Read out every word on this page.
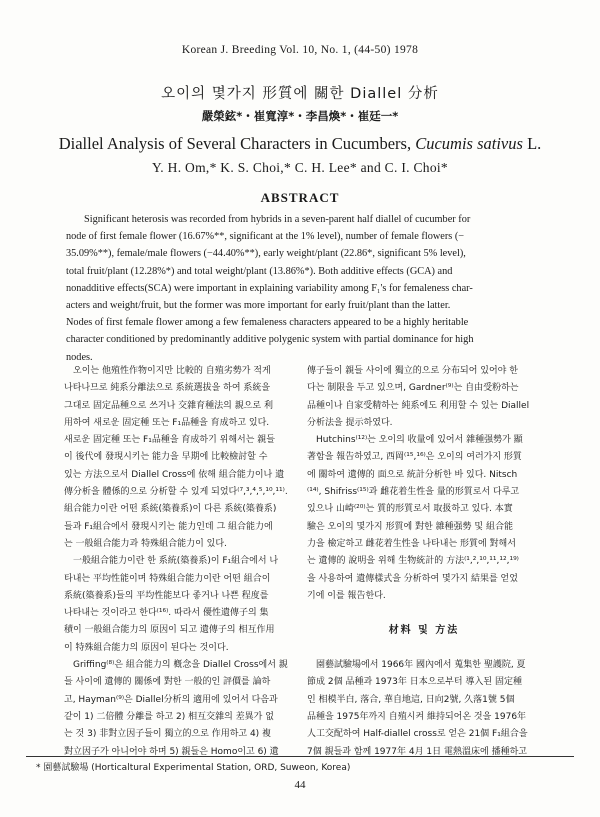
Korean J. Breeding Vol. 10, No. 1, (44-50) 1978
오이의 몇가지 形質에 關한 Diallel 分析
嚴榮鉉*・崔寬淳*・李昌煥*・崔廷一*
Diallel Analysis of Several Characters in Cucumbers, Cucumis sativus L.
Y. H. Om,* K. S. Choi,* C. H. Lee* and C. I. Choi*
ABSTRACT
Significant heterosis was recorded from hybrids in a seven-parent half diallel of cucumber for
node of first female flower (16.67%**, significant at the 1% level), number of female flowers (−
35.09%**), female/male flowers (−44.40%**), early weight/plant (22.86*, significant 5% level),
total fruit/plant (12.28%*) and total weight/plant (13.86%*). Both additive effects (GCA) and
nonadditive effects(SCA) were important in explaining variability among F₁'s for femaleness char-
acters and weight/fruit, but the former was more important for early fruit/plant than the latter.
Nodes of first female flower among a few femaleness characters appeared to be a highly heritable
character conditioned by predominantly additive polygenic system with partial dominance for high
nodes.
오이는 他殖性作物이지만 比較的 自殖劣勢가 적게
나타나므로 純系分離法으로 系統選拔을 하여 系統을
그대로 固定品種으로 쓰거나 交雜育種法의 親으로 利
用하여 새로운 固定種 또는 F₁品種을 育成하고 있다.
새로운 固定種 또는 F₁品種을 育成하기 위해서는 親들
이 後代에 發現시키는 能力을 早期에 比較檢討할 수
있는 方法으로서 Diallel Cross에 依해 組合能力이나 遺
傳分析을 體係的으로 分析할 수 있게 되었다⁽⁷,³,⁴,⁵,¹⁰,¹¹⁾.
組合能力이란 어떤 系統(築養系)이 다른 系統(築養系)
들과 F₁組合에서 發現시키는 能力인데 그 組合能力에
는 一般組合能力과 特殊組合能力이 있다.
一般組合能力이란 한 系統(築養系)이 F₁組合에서 나
타내는 平均性能이며 特殊組合能力이란 어떤 組合이
系統(築養系)들의 平均性能보다 좋거나 나쁜 程度를
나타내는 것이라고 한다⁽¹⁶⁾. 따라서 優性遺傳子의 集
積이 一般組合能力의 原因이 되고 遺傳子의 相互作用
이 特殊組合能力의 原因이 된다는 것이다.
Griffing⁽⁸⁾은 組合能力의 槪念을 Diallel Cross에서 親
들 사이에 遺傳的 關係에 對한 一般的인 評價를 論하
고, Hayman⁽⁹⁾은 Diallel分析의 適用에 있어서 다음과
같이 1) 二倍體 分離를 하고 2) 相互交雜의 差異가 없
는 것 3) 非對立因子들이 獨立的으로 作用하고 4) 複
對立因子가 아니어야 하며 5) 親들은 Homo이고 6) 遺
傳子들이 親들 사이에 獨立的으로 分布되어 있어야 한
다는 制限을 두고 있으며, Gardner⁽⁹⁾는 自由受粉하는
品種이나 自家受精하는 純系에도 利用할 수 있는 Diallel
分析法을 提示하였다.
Hutchins⁽¹²⁾는 오이의 收量에 있어서 雜種强勢가 顯
著함을 報告하였고, 西岡⁽¹⁵,¹⁶⁾은 오이의 여러가지 形質
에 關하여 遺傳的 面으로 統計分析한 바 있다. Nitsch
⁽¹⁴⁾, Shifriss⁽¹⁵⁾과 雌花着生性을 量的形質로서 다루고
있으나 山崎⁽²⁰⁾는 質的形質로서 取扱하고 있다. 本實
驗은 오이의 몇가지 形質에 對한 雜種强勢 및 組合能
力을 檢定하고 雌花着生性을 나타내는 形質에 對해서
는 遺傳的 說明을 위해 生物統計的 方法⁽¹,²,¹⁰,¹¹,¹²,¹⁹⁾
을 사용하여 遺傳樣式을 分析하여 몇가지 結果를 얻었
기에 이를 報告한다.
材料 및 方法
園藝試驗場에서 1966年 國內에서 蒐集한 聖護院, 夏
節成 2個 品種과 1973年 日本으로부터 導入된 固定種
인 相模半白, 落合, 華自地這, 日向2號, 久落1號 5個
品種을 1975年까지 自殖시켜 維持되어온 것을 1976年
人工交配하여 Half-diallel cross로 얻은 21個 F₁組合을
7個 親들과 함께 1977年 4月 1日 電熱溫床에 播種하고
* 園藝試驗場 (Horticaltural Experimental Station, ORD, Suweon, Korea)
44
